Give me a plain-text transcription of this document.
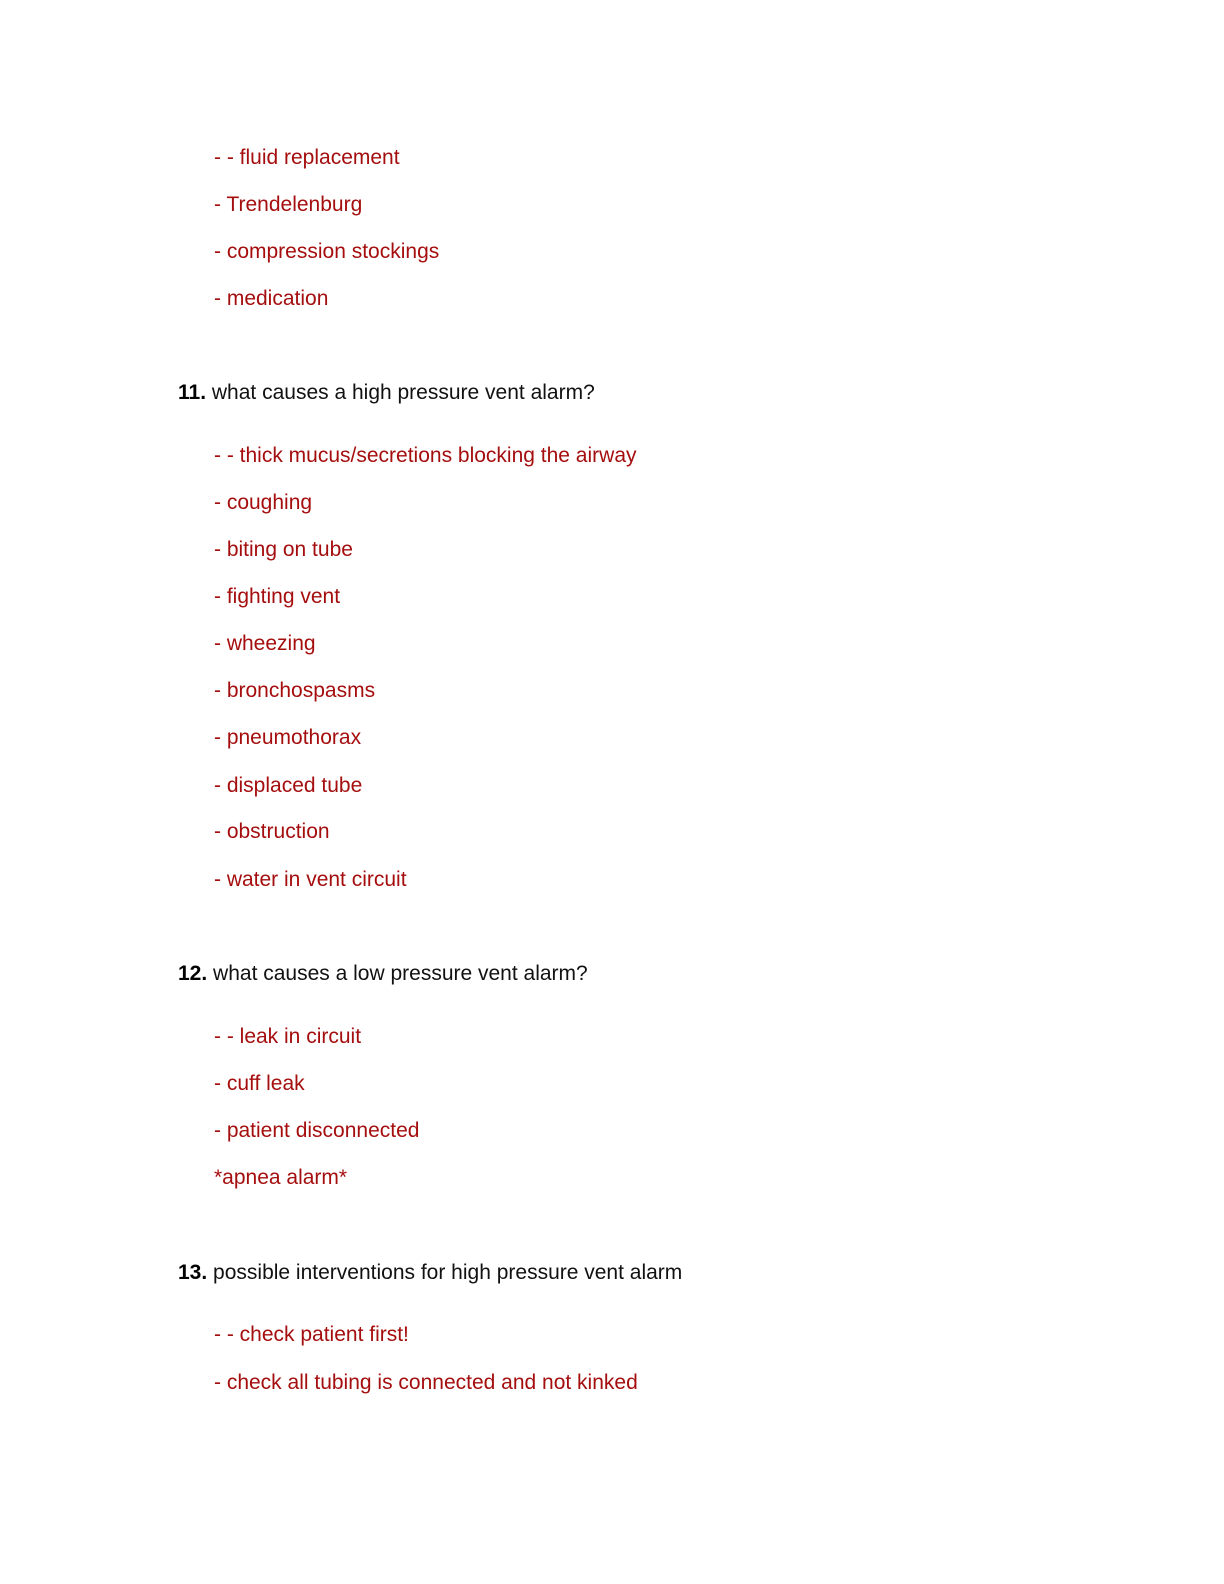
- - fluid replacement
- Trendelenburg
- compression stockings
- medication
11. what causes a high pressure vent alarm?
- - thick mucus/secretions blocking the airway
- coughing
- biting on tube
- fighting vent
- wheezing
- bronchospasms
- pneumothorax
- displaced tube
- obstruction
- water in vent circuit
12. what causes a low pressure vent alarm?
- - leak in circuit
- cuff leak
- patient disconnected
*apnea alarm*
13. possible interventions for high pressure vent alarm
- - check patient first!
- check all tubing is connected and not kinked
